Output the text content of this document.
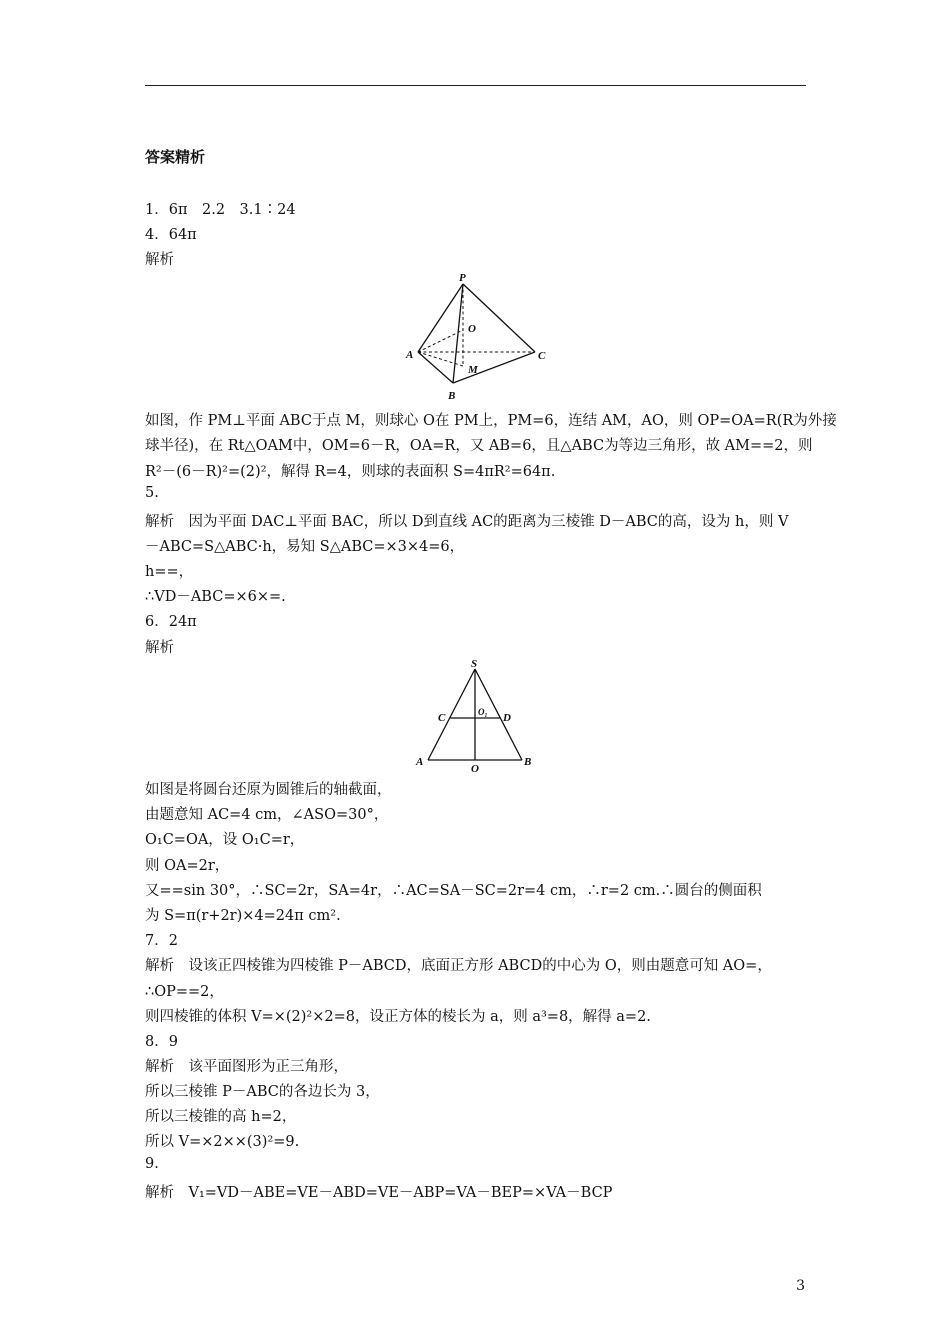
答案精析
1．6π　2.2　3.1∶24
4．64π
解析
P
O
A	C
M
B
如图，作 PM⊥平面 ABC于点 M，则球心 O在 PM上，PM=6，连结 AM，AO，则 OP=OA=R(R为外接
球半径)，在 Rt△OAM中，OM=6－R，OA=R，又 AB=6，且△ABC为等边三角形，故 AM==2，则
R²－(6－R)²=(2)²，解得 R=4，则球的表面积 S=4πR²=64π.
5.
解析　因为平面 DAC⊥平面 BAC，所以 D到直线 AC的距离为三棱锥 D－ABC的高，设为 h，则 V
－ABC=S△ABC·h，易知 S△ABC=×3×4=6，
h==，
∴VD－ABC=×6×=.
6．24π
解析
S
C	O₁ D
A
O
B
如图是将圆台还原为圆锥后的轴截面，
由题意知 AC=4 cm，∠ASO=30°，
O₁C=OA，设 O₁C=r，
则 OA=2r，
又==sin 30°，∴SC=2r，SA=4r，∴AC=SA－SC=2r=4 cm，∴r=2 cm.∴圆台的侧面积
为 S=π(r+2r)×4=24π cm².
7．2
解析　设该正四棱锥为四棱锥 P－ABCD，底面正方形 ABCD的中心为 O，则由题意可知 AO=，
∴OP==2，
则四棱锥的体积 V=×(2)²×2=8，设正方体的棱长为 a，则 a³=8，解得 a=2.
8．9
解析　该平面图形为正三角形，
所以三棱锥 P－ABC的各边长为 3，
所以三棱锥的高 h=2，
所以 V=×2××(3)²=9.
9.
解析　V₁=VD－ABE=VE－ABD=VE－ABP=VA－BEP=×VA－BCP
3
